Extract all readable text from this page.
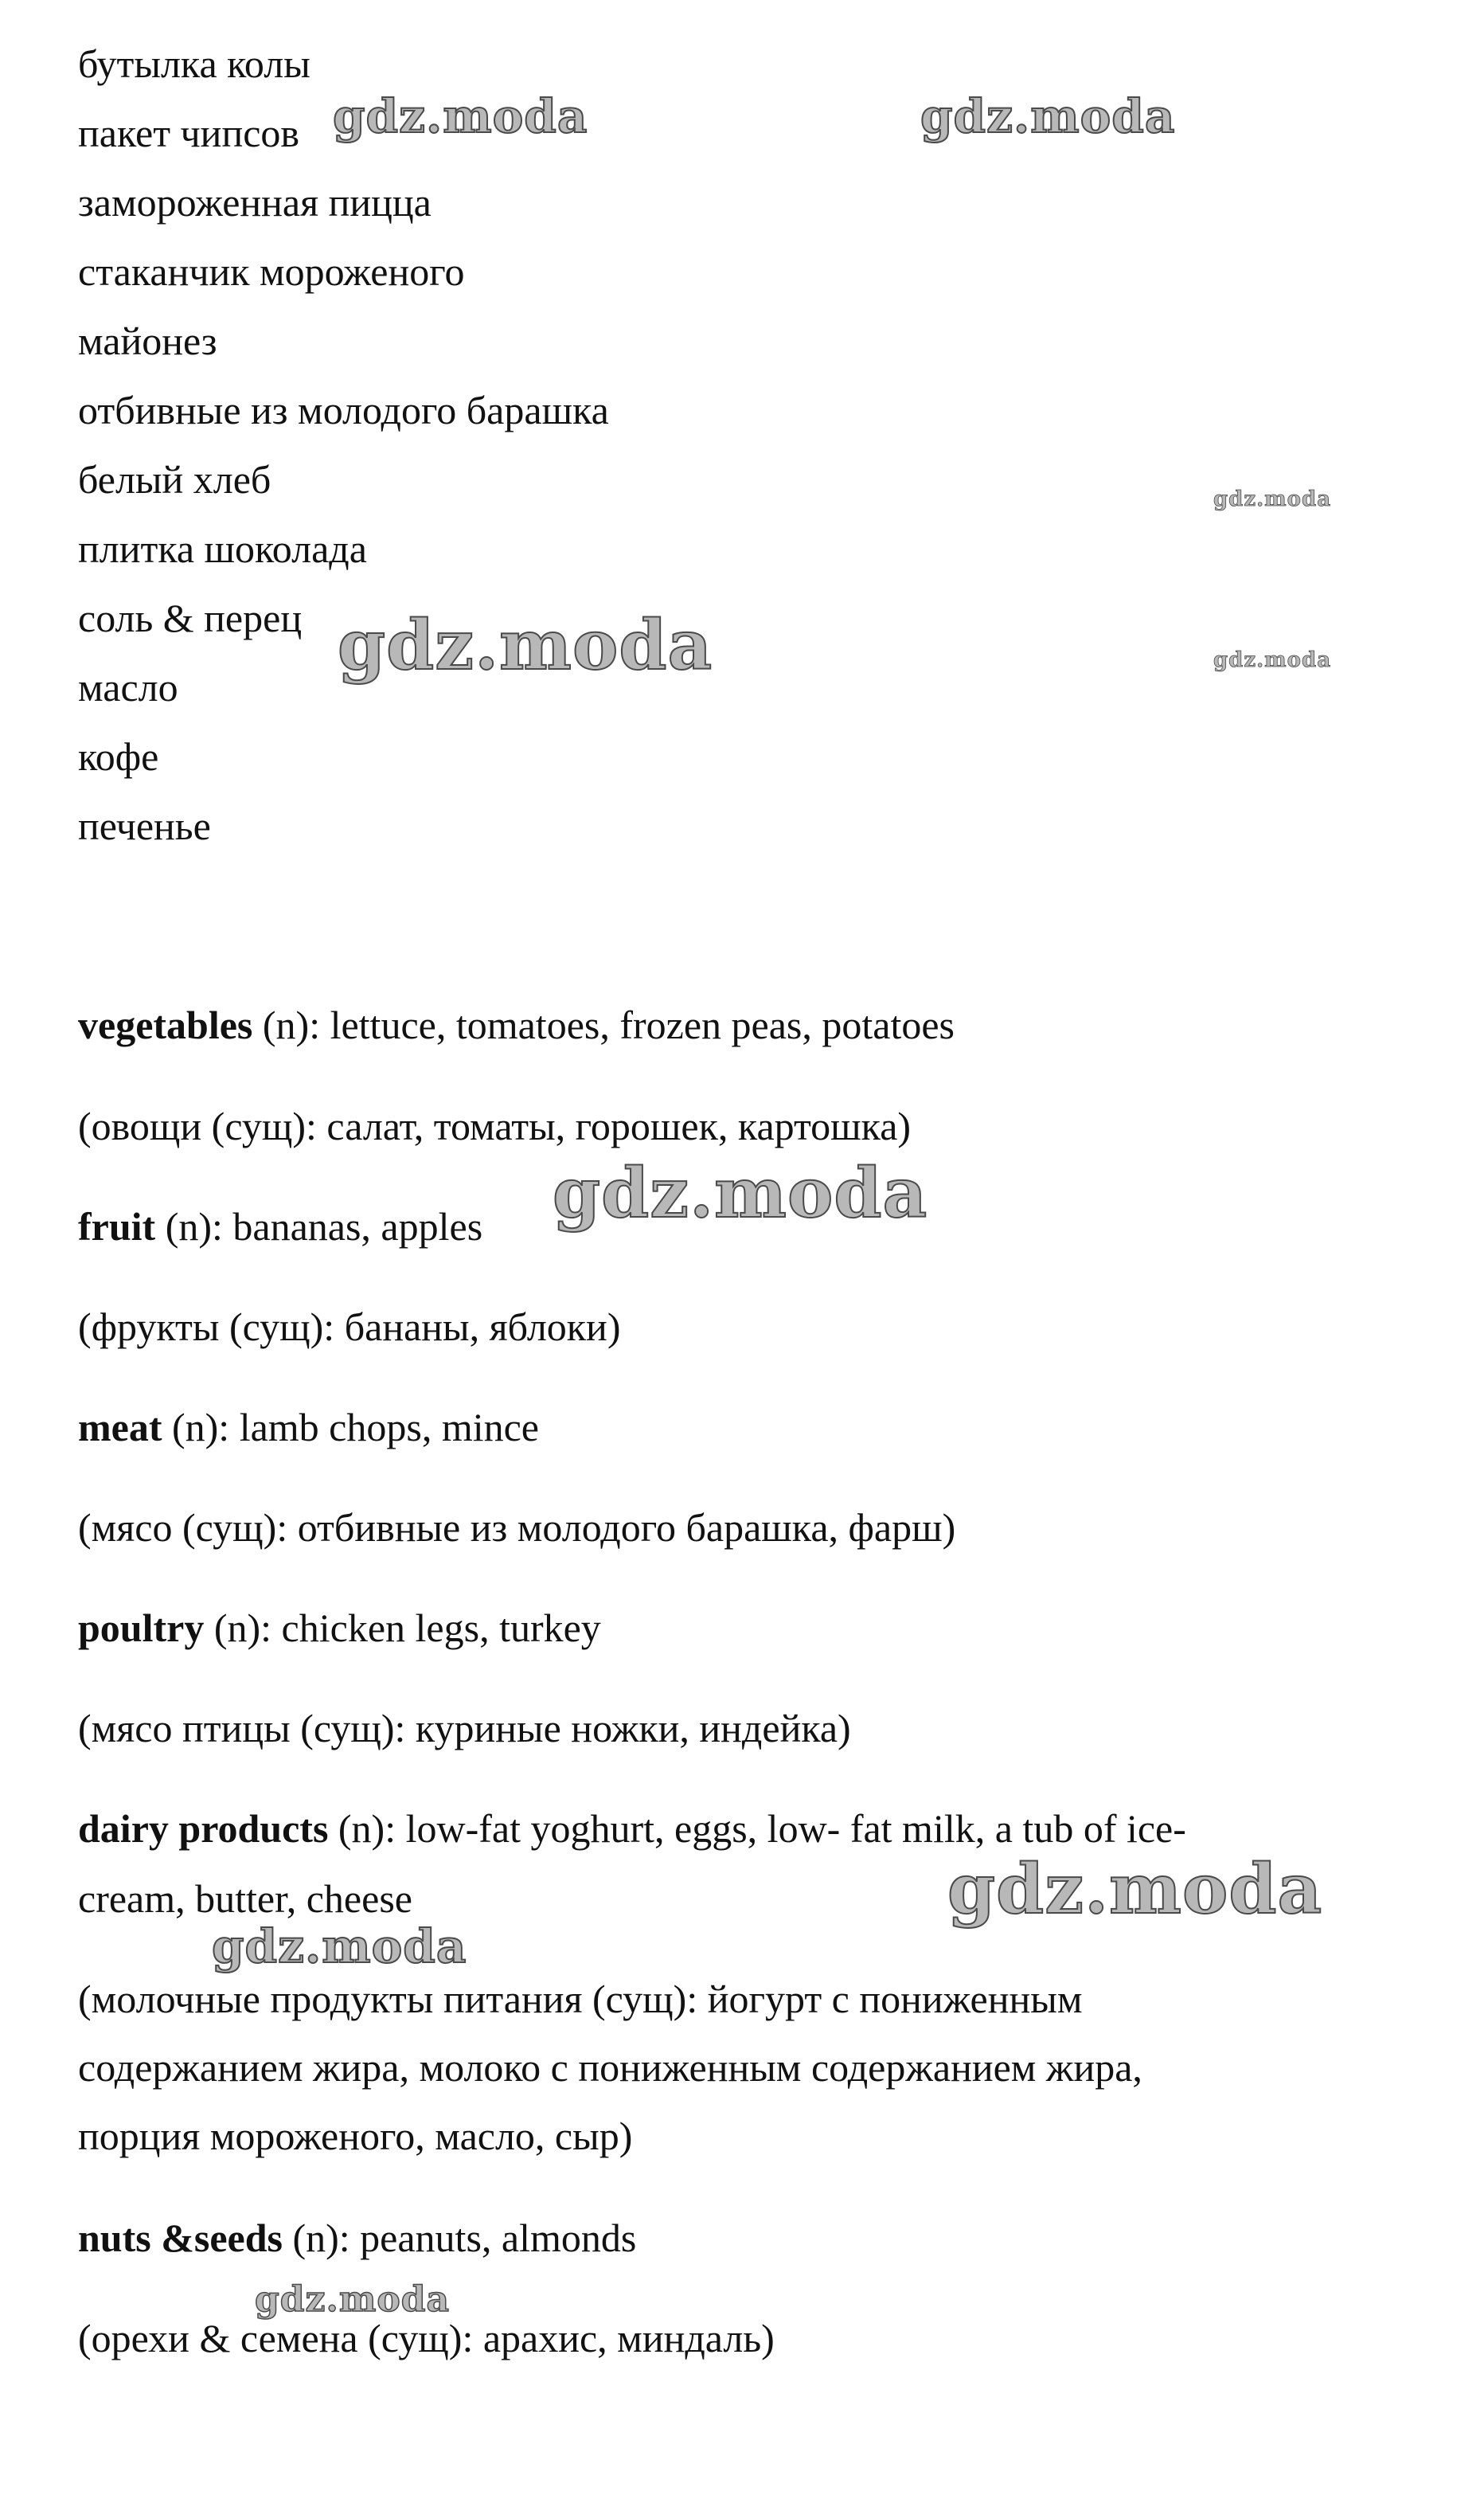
бутылка колы
пакет чипсов
замороженная пицца
стаканчик мороженого
майонез
отбивные из молодого барашка
белый хлеб
плитка шоколада
соль & перец
масло
кофе
печенье
vegetables (n): lettuce, tomatoes, frozen peas, potatoes
(овощи (сущ): салат, томаты, горошек, картошка)
fruit (n): bananas, apples
(фрукты (сущ): бананы, яблоки)
meat (n): lamb chops, mince
(мясо (сущ): отбивные из молодого барашка, фарш)
poultry (n): chicken legs, turkey
(мясо птицы (сущ): куриные ножки, индейка)
dairy products (n): low-fat yoghurt, eggs, low- fat milk, a tub of ice-
cream, butter, cheese
(молочные продукты питания (сущ): йогурт с пониженным
содержанием жира, молоко с пониженным содержанием жира,
порция мороженого, масло, сыр)
nuts &seeds (n): peanuts, almonds
(орехи & семена (сущ): арахис, миндаль)
gdz.moda	gdz.moda
gdz.moda
gdz.moda	gdz.moda
gdz.moda
gdz.moda
gdz.moda
gdz.moda
